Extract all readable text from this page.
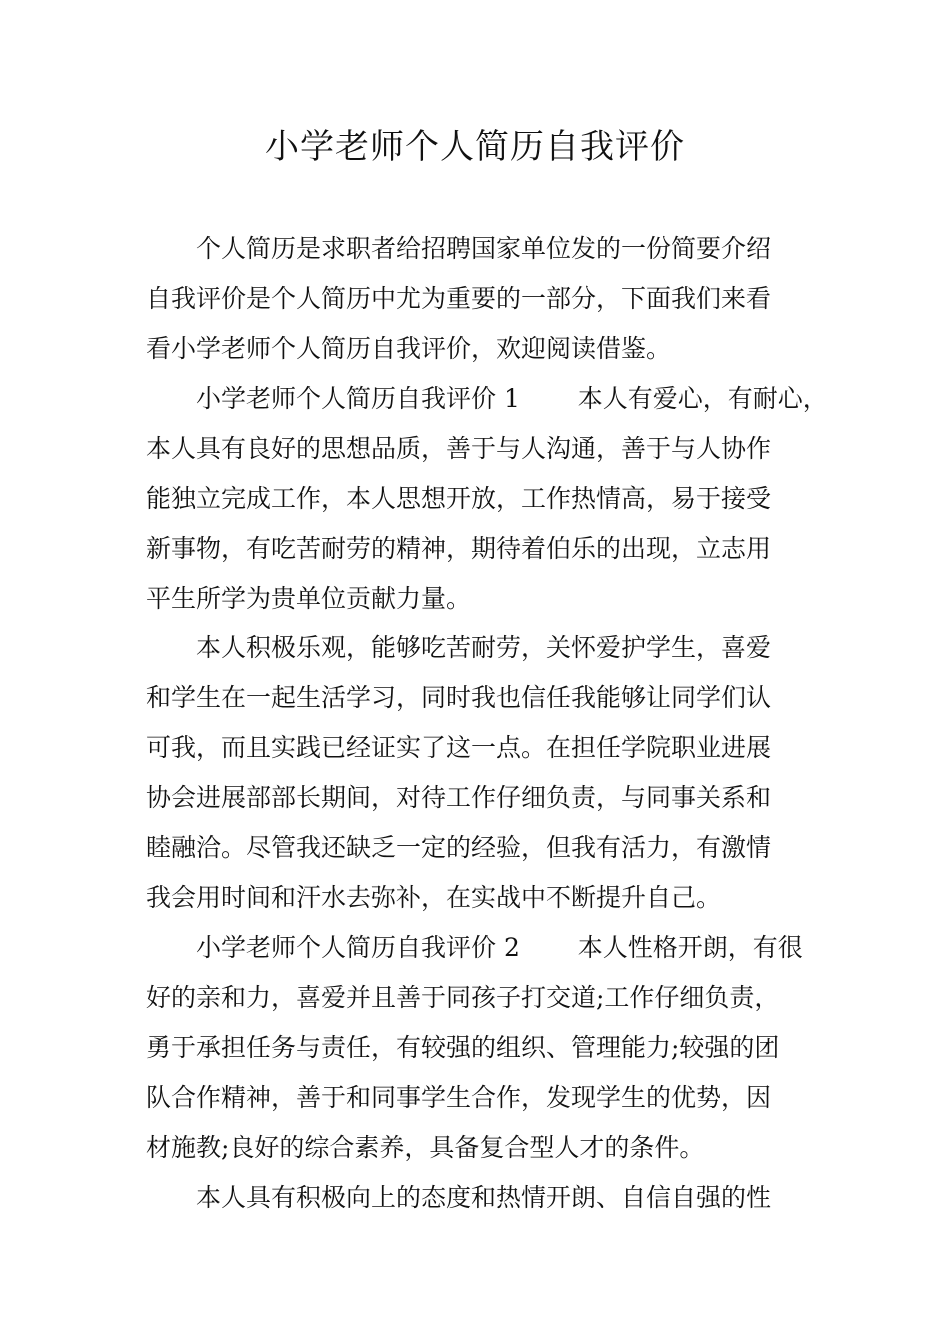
小学老师个人简历自我评价

个人简历是求职者给招聘国家单位发的一份简要介绍

自我评价是个人简历中尤为重要的一部分，下面我们来看

看小学老师个人简历自我评价，欢迎阅读借鉴。

小学老师个人简历自我评价 1　　 本人有爱心，有耐心，

本人具有良好的思想品质，善于与人沟通，善于与人协作

能独立完成工作，本人思想开放，工作热情高，易于接受

新事物，有吃苦耐劳的精神，期待着伯乐的出现，立志用

平生所学为贵单位贡献力量。

本人积极乐观，能够吃苦耐劳，关怀爱护学生，喜爱

和学生在一起生活学习，同时我也信任我能够让同学们认

可我，而且实践已经证实了这一点。在担任学院职业进展

协会进展部部长期间，对待工作仔细负责，与同事关系和

睦融洽。尽管我还缺乏一定的经验，但我有活力，有激情

我会用时间和汗水去弥补，在实战中不断提升自己。

小学老师个人简历自我评价 2　　 本人性格开朗，有很

好的亲和力，喜爱并且善于同孩子打交道;工作仔细负责，

勇于承担任务与责任，有较强的组织、管理能力;较强的团

队合作精神，善于和同事学生合作，发现学生的优势，因

材施教;良好的综合素养，具备复合型人才的条件。

本人具有积极向上的态度和热情开朗、自信自强的性
